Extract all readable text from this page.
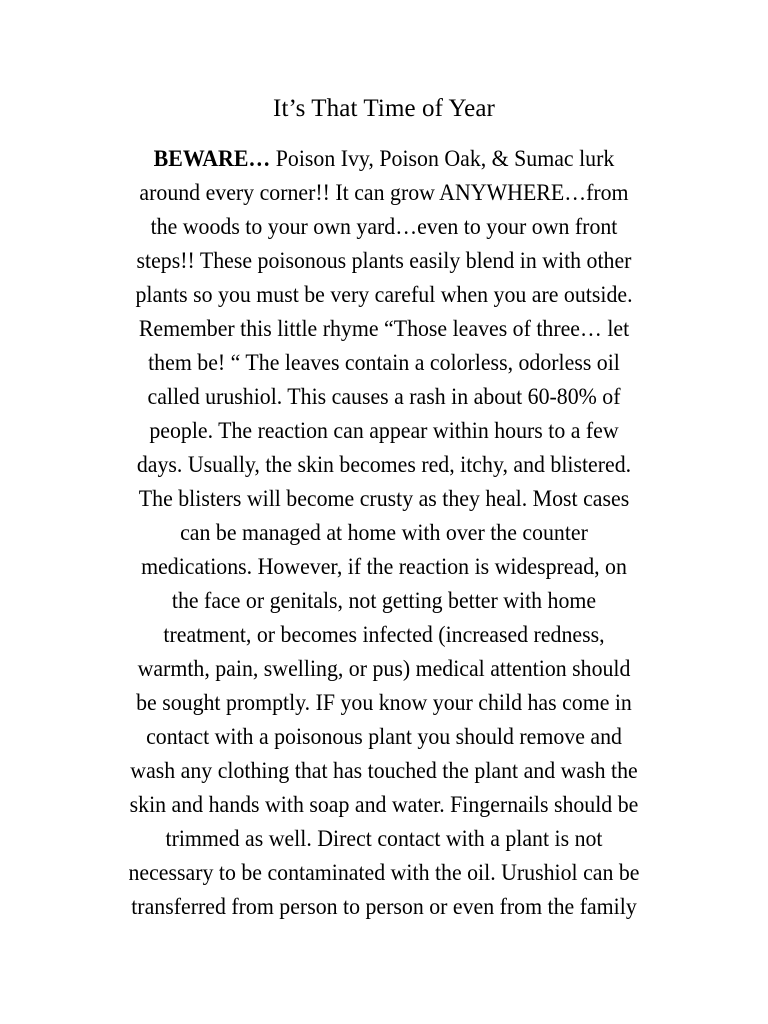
It’s That Time of Year
BEWARE… Poison Ivy, Poison Oak, & Sumac lurk
around every corner!! It can grow ANYWHERE…from
the woods to your own yard…even to your own front
steps!! These poisonous plants easily blend in with other
plants so you must be very careful when you are outside.
Remember this little rhyme “Those leaves of three… let
them be! “ The leaves contain a colorless, odorless oil
called urushiol. This causes a rash in about 60-80% of
people. The reaction can appear within hours to a few
days. Usually, the skin becomes red, itchy, and blistered.
The blisters will become crusty as they heal. Most cases
can be managed at home with over the counter
medications. However, if the reaction is widespread, on
the face or genitals, not getting better with home
treatment, or becomes infected (increased redness,
warmth, pain, swelling, or pus) medical attention should
be sought promptly. IF you know your child has come in
contact with a poisonous plant you should remove and
wash any clothing that has touched the plant and wash the
skin and hands with soap and water. Fingernails should be
trimmed as well. Direct contact with a plant is not
necessary to be contaminated with the oil. Urushiol can be
transferred from person to person or even from the family
